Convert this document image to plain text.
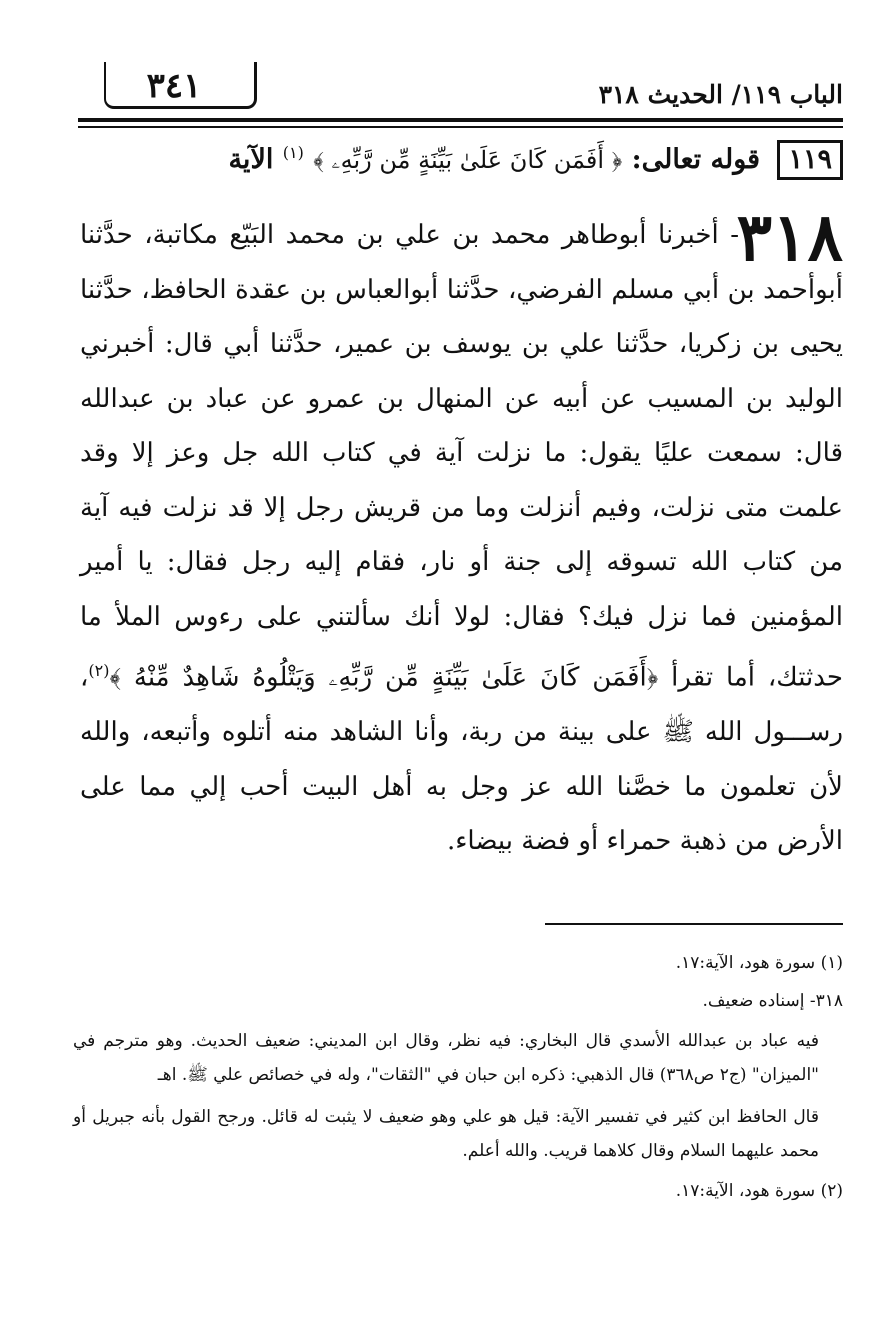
الباب ١١٩/ الحديث ٣١٨
٣٤١
١١٩ قوله تعالى: ﴿ أَفَمَن كَانَ عَلَىٰ بَيِّنَةٍ مِّن رَّبِّهِۦ ﴾ $^{(١)}$ الآية
٣١٨
- أخبرنا أبوطاهر محمد بن علي بن محمد البَيّع مكاتبة، حدَّثنا أبوأحمد بن أبي مسلم الفرضي، حدَّثنا أبوالعباس بن عقدة الحافظ، حدَّثنا يحيى بن زكريا، حدَّثنا علي بن يوسف بن عمير، حدَّثنا أبي قال: أخبرني الوليد بن المسيب عن أبيه عن المنهال بن عمرو عن عباد بن عبدالله قال: سمعت عليًا يقول: ما نزلت آية في كتاب الله جل وعز إلا وقد علمت متى نزلت، وفيم أنزلت وما من قريش رجل إلا قد نزلت فيه آية من كتاب الله تسوقه إلى جنة أو نار، فقام إليه رجل فقال: يا أمير المؤمنين فما نزل فيك؟ فقال: لولا أنك سألتني على رءوس الملأ ما حدثتك، أما تقرأ ﴿أَفَمَن كَانَ عَلَىٰ بَيِّنَةٍ مِّن رَّبِّهِۦ وَيَتْلُوهُ شَاهِدٌ مِّنْهُ ﴾$^{(٢)}$، رســـول الله ﷺ على بينة من ربة، وأنا الشاهد منه أتلوه وأتبعه، والله لأن تعلمون ما خصَّنا الله عز وجل به أهل البيت أحب إلي مما على الأرض من ذهبة حمراء أو فضة بيضاء.

(١) سورة هود، الآية:١٧.

٣١٨- إسناده ضعيف.

فيه عباد بن عبدالله الأسدي قال البخاري: فيه نظر، وقال ابن المديني: ضعيف الحديث. وهو مترجم في "الميزان" (ج٢ ص٣٦٨) قال الذهبي: ذكره ابن حبان في "الثقات"، وله في خصائص علي ﷺ. اهـ

قال الحافظ ابن كثير في تفسير الآية: قيل هو علي وهو ضعيف لا يثبت له قائل. ورجح القول بأنه جبريل أو محمد عليهما السلام وقال كلاهما قريب. والله أعلم.

(٢) سورة هود، الآية:١٧.
